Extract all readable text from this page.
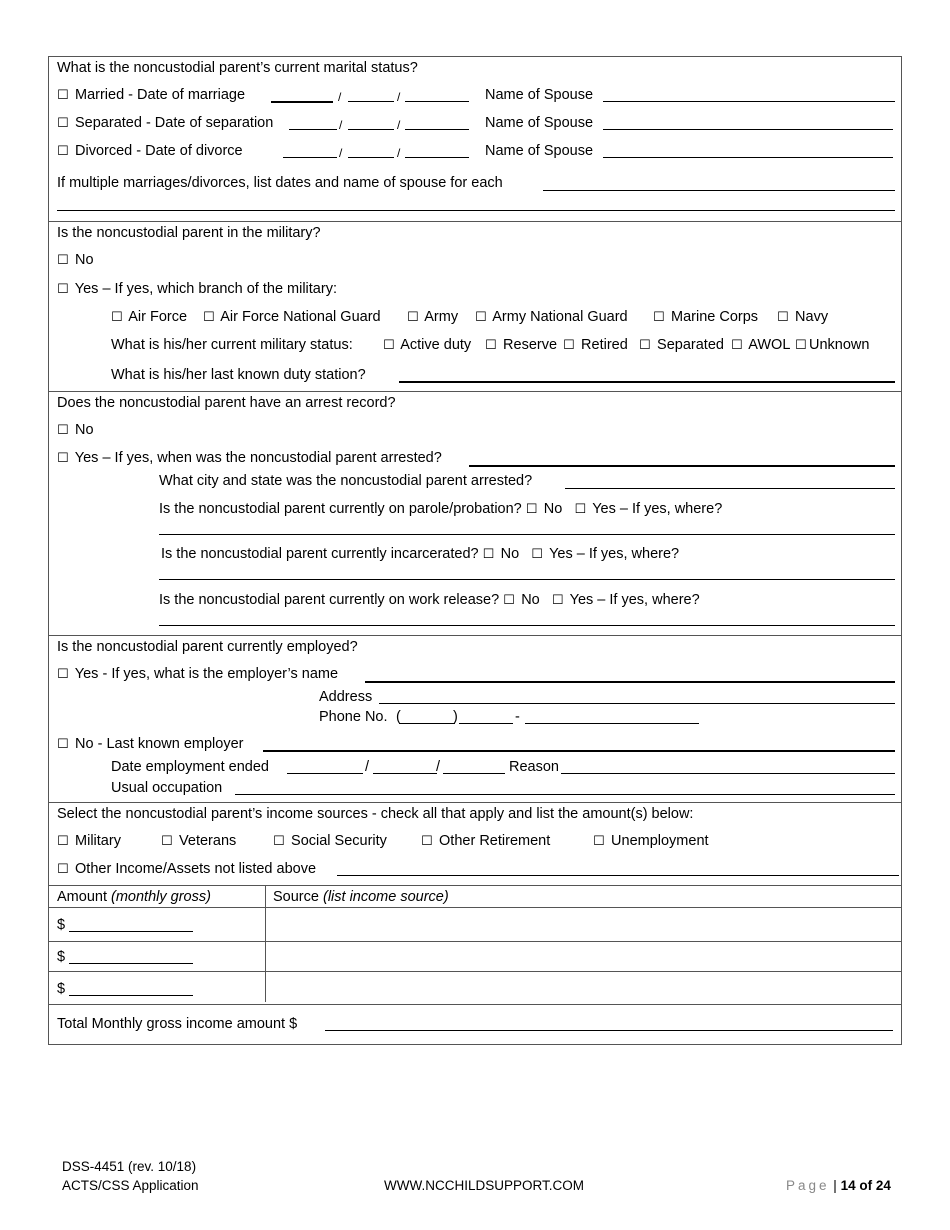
What is the noncustodial parent’s current marital status?
☐ Married - Date of marriage	/	/	Name of Spouse
☐ Separated - Date of separation	/	/	Name of Spouse
☐ Divorced - Date of divorce	/	/	Name of Spouse
If multiple marriages/divorces, list dates and name of spouse for each
Is the noncustodial parent in the military?
☐ No
☐ Yes – If yes, which branch of the military:
☐ Air Force ☐ Air Force National Guard ☐ Army ☐ Army National Guard ☐ Marine Corps ☐ Navy
What is his/her current military status: ☐ Active duty ☐ Reserve ☐ Retired ☐ Separated ☐ AWOL ☐ Unknown
What is his/her last known duty station?
Does the noncustodial parent have an arrest record?
☐ No
☐ Yes – If yes, when was the noncustodial parent arrested?
What city and state was the noncustodial parent arrested?
Is the noncustodial parent currently on parole/probation? ☐ No ☐ Yes – If yes, where?
Is the noncustodial parent currently incarcerated? ☐ No ☐ Yes – If yes, where?
Is the noncustodial parent currently on work release? ☐ No ☐ Yes – If yes, where?
Is the noncustodial parent currently employed?
☐ Yes - If yes, what is the employer’s name
Address
Phone No. (	)	-
☐ No - Last known employer
Date employment ended	/	/	Reason
Usual occupation
Select the noncustodial parent’s income sources - check all that apply and list the amount(s) below:
☐ Military	☐ Veterans	☐ Social Security	☐ Other Retirement	☐ Unemployment
☐ Other Income/Assets not listed above
Amount (monthly gross)	Source (list income source)
$
$
$
Total Monthly gross income amount $
DSS-4451 (rev. 10/18)
ACTS/CSS Application	WWW.NCCHILDSUPPORT.COM	Page | 14 of 24
